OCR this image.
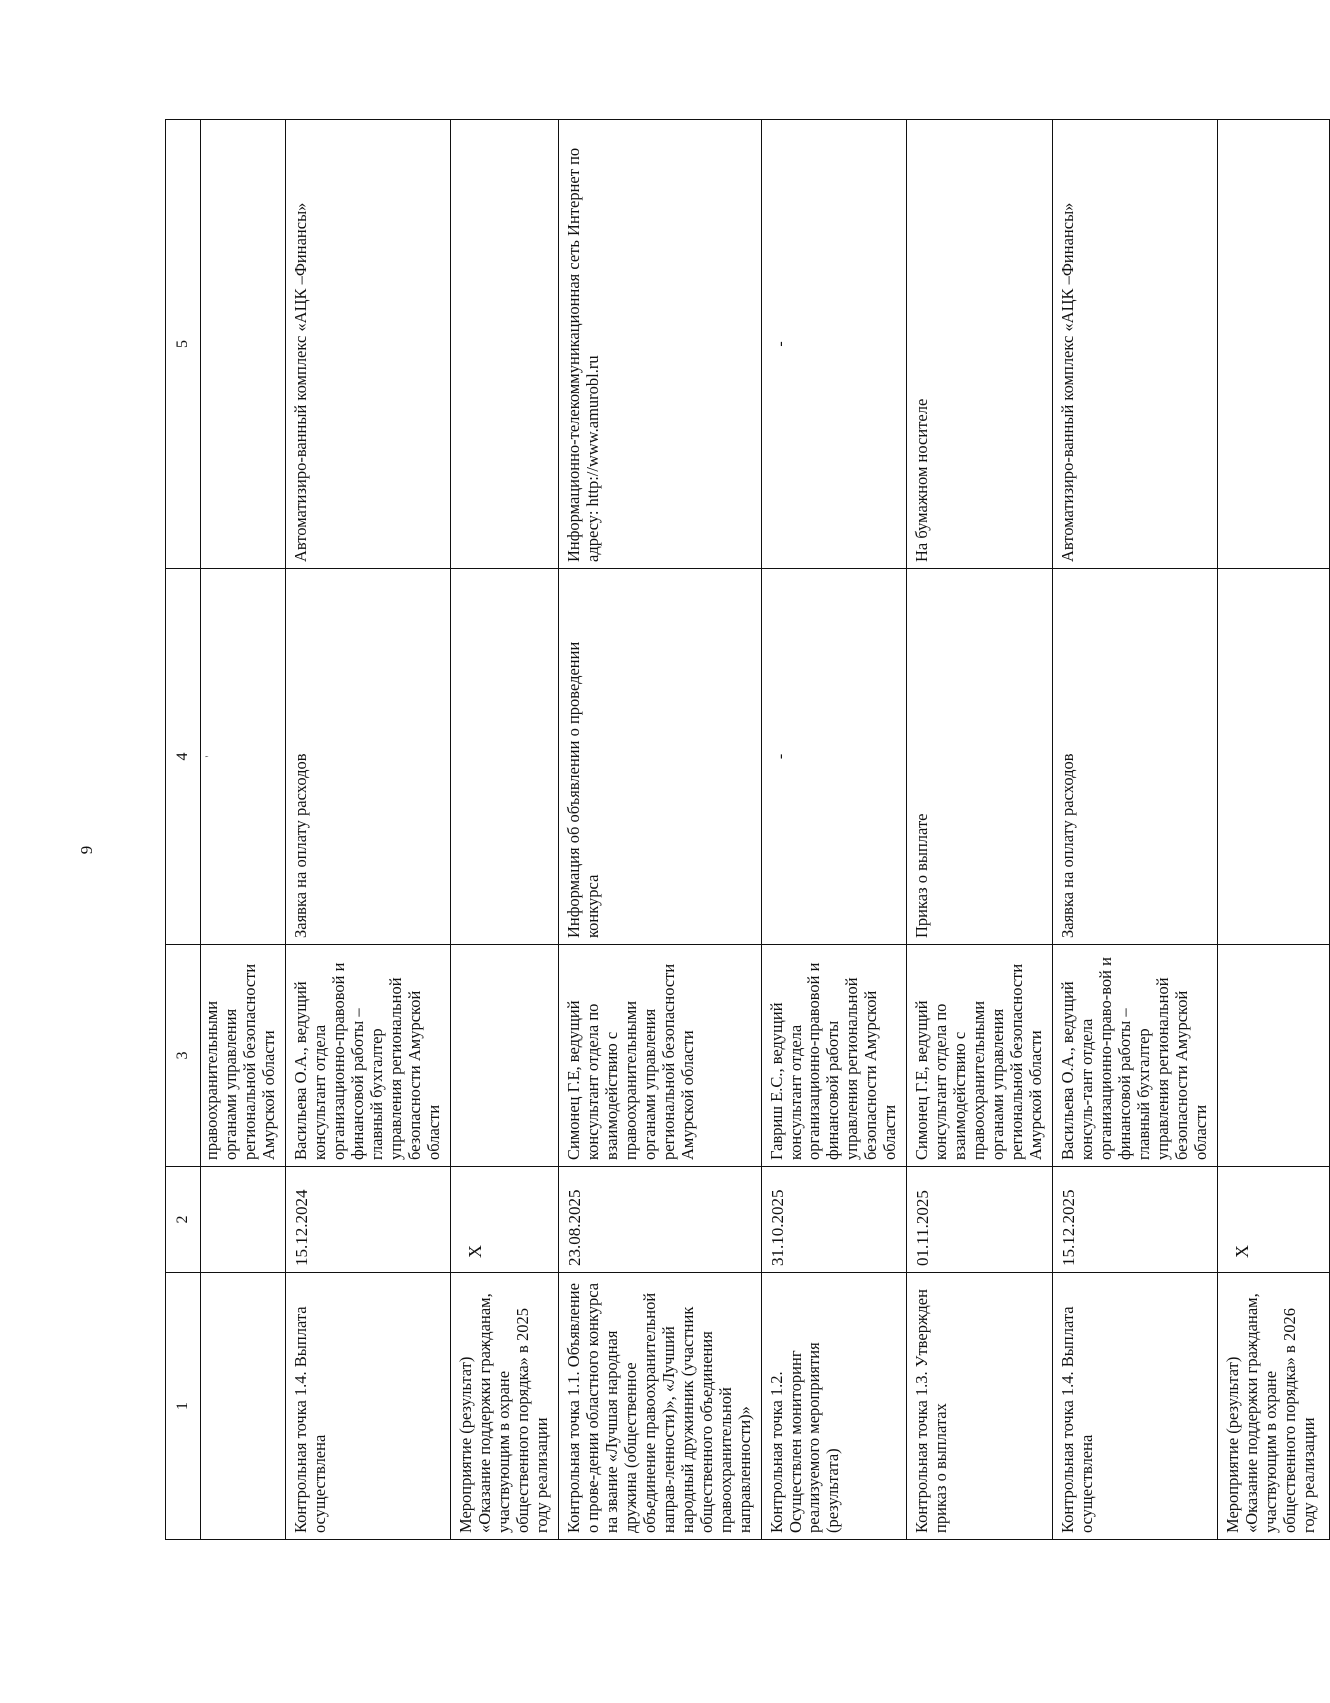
9
1	2	3	4	5
		правоохранительными органами управления региональной безопасности Амурской области	'	
Контрольная точка 1.4. Выплата осуществлена	15.12.2024	Васильева О.А., ведущий консультант отдела организационно-правовой и финансовой работы – главный бухгалтер управления региональной безопасности Амурской области	Заявка на оплату расходов	Автоматизиро-ванный комплекс «АЦК –Финансы»
Мероприятие (результат) «Оказание поддержки гражданам, участвующим в охране общественного порядка» в 2025 году реализации	Х			
Контрольная точка 1.1. Объявление о прове-дении областного конкурса на звание «Лучшая народная дружина (общественное объединение правоохранительной направ-ленности)», «Лучший народный дружинник (участник общественного объединения правоохранительной направленности)»	23.08.2025	Симонец Г.Е, ведущий консультант отдела по взаимодействию с правоохранительными органами управления региональной безопасности Амурской области	Информация об объявлении о проведении конкурса	Информационно-телекоммуникационная сеть Интернет по адресу: http://www.amurobl.ru
Контрольная точка 1.2. Осуществлен мониторинг реализуемого мероприятия (результата)	31.10.2025	Гавриш Е.С., ведущий консультант отдела организационно-правовой и финансовой работы управления региональной безопасности Амурской области	-	-
Контрольная точка 1.3. Утвержден приказ о выплатах	01.11.2025	Симонец Г.Е, ведущий консультант отдела по взаимодействию с правоохранительными органами управления региональной безопасности Амурской области	Приказ о выплате	На бумажном носителе
Контрольная точка 1.4. Выплата осуществлена	15.12.2025	Васильева О.А., ведущий консуль-тант отдела организационно-право-вой и финансовой работы – главный бухгалтер управления региональной безопасности Амурской области	Заявка на оплату расходов	Автоматизиро-ванный комплекс «АЦК –Финансы»
Мероприятие (результат) «Оказание поддержки гражданам, участвующим в охране общественного порядка» в 2026 году реализации	Х			
